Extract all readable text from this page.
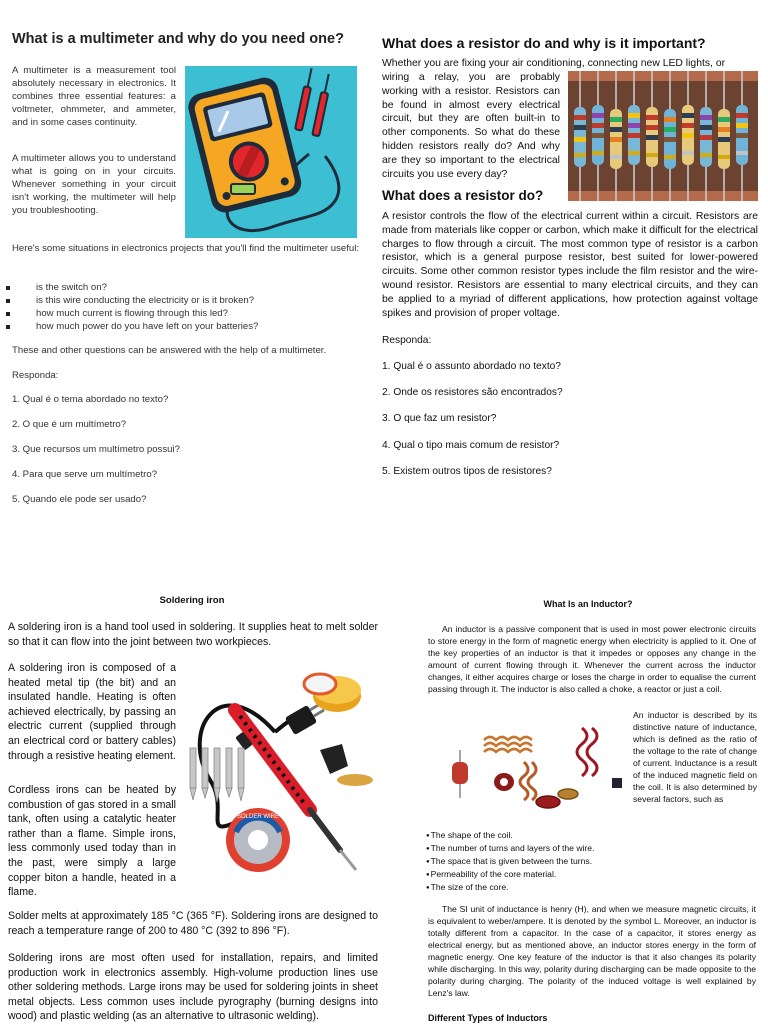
What is a multimeter and why do you need one?

A multimeter is a measurement tool absolutely necessary in electronics. It combines three essential features: a voltmeter, ohmmeter, and ammeter, and in some cases continuity.

A multimeter allows you to understand what is going on in your circuits. Whenever something in your circuit isn't working, the multimeter will help you troubleshooting.

Here's some situations in electronics projects that you'll find the multimeter useful:

is the switch on?
is this wire conducting the electricity or is it broken?
how much current is flowing through this led?
how much power do you have left on your batteries?

These and other questions can be answered with the help of a multimeter.

Responda:

1. Qual é o tema abordado no texto?

2. O que é um multímetro?

3. Que recursos um multímetro possui?

4. Para que serve um multímetro?

5. Quando ele pode ser usado?

What does a resistor do and why is it important?

Whether you are fixing your air conditioning, connecting new LED lights, or

wiring a relay, you are probably working with a resistor. Resistors can be found in almost every electrical circuit, but they are often built-in to other components. So what do these hidden resistors really do? And why are they so important to the electrical circuits you use every day?

What does a resistor do?

A resistor controls the flow of the electrical current within a circuit. Resistors are made from materials like copper or carbon, which make it difficult for the electrical charges to flow through a circuit. The most common type of resistor is a carbon resistor, which is a general purpose resistor, best suited for lower-powered circuits. Some other common resistor types include the film resistor and the wire-wound resistor. Resistors are essential to many electrical circuits, and they can be applied to a myriad of different applications, how protection against voltage spikes and provision of proper voltage.

Responda:

1. Qual é o assunto abordado no texto?

2. Onde os resistores são encontrados?

3. O que faz um resistor?

4. Qual o tipo mais comum de resistor?

5. Existem outros tipos de resistores?

Soldering iron

A soldering iron is a hand tool used in soldering. It supplies heat to melt solder so that it can flow into the joint between two workpieces.

A soldering iron is composed of a heated metal tip (the bit) and an insulated handle. Heating is often achieved electrically, by passing an electric current (supplied through an electrical cord or battery cables) through a resistive heating element.

Cordless irons can be heated by combustion of gas stored in a small tank, often using a catalytic heater rather than a flame. Simple irons, less commonly used today than in the past, were simply a large copper biton a handle, heated in a flame.

SOLDER WIRE

Solder melts at approximately 185 °C (365 °F). Soldering irons are designed to reach a temperature range of 200 to 480 °C (392 to 896 °F).

Soldering irons are most often used for installation, repairs, and limited production work in electronics assembly. High-volume production lines use other soldering methods. Large irons may be used for soldering joints in sheet metal objects. Less common uses include pyrography (burning designs into wood) and plastic welding (as an alternative to ultrasonic welding).

What Is an Inductor?

An inductor is a passive component that is used in most power electronic circuits to store energy in the form of magnetic energy when electricity is applied to it. One of the key properties of an inductor is that it impedes or opposes any change in the amount of current flowing through it. Whenever the current across the inductor changes, it either acquires charge or loses the charge in order to equalise the current passing through it. The inductor is also called a choke, a reactor or just a coil.

An inductor is described by its distinctive nature of inductance, which is defined as the ratio of the voltage to the rate of change of current. Inductance is a result of the induced magnetic field on the coil. It is also determined by several factors, such as

● The shape of the coil.
● The number of turns and layers of the wire.
● The space that is given between the turns.
● Permeability of the core material.
● The size of the core.

The SI unit of inductance is henry (H), and when we measure magnetic circuits, it is equivalent to weber/ampere. It is denoted by the symbol L. Moreover, an inductor is totally different from a capacitor. In the case of a capacitor, it stores energy as electrical energy, but as mentioned above, an inductor stores energy in the form of magnetic energy. One key feature of the inductor is that it also changes its polarity while discharging. In this way, polarity during discharging can be made opposite to the polarity during charging. The polarity of the induced voltage is well explained by Lenz's law.

Different Types of Inductors
